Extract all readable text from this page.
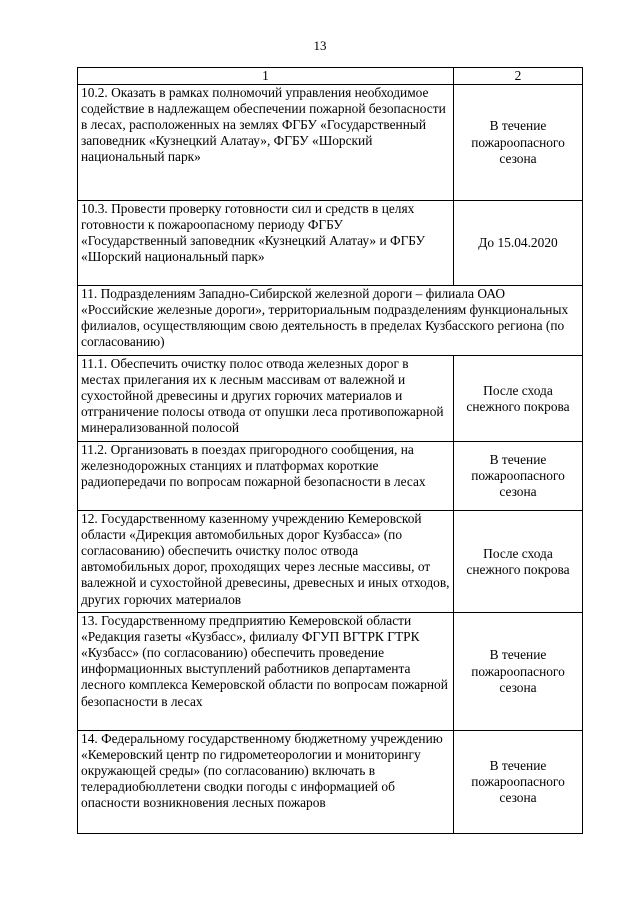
13
1	2
10.2. Оказать в рамках полномочий управления необходимое содействие в надлежащем обеспечении пожарной безопасности в лесах, расположенных на землях ФГБУ «Государственный заповедник «Кузнецкий Алатау», ФГБУ «Шорский национальный парк»	В течение пожароопасного сезона
10.3. Провести проверку готовности сил и средств в целях готовности к пожароопасному периоду ФГБУ «Государственный заповедник «Кузнецкий Алатау» и ФГБУ «Шорский национальный парк»	До 15.04.2020
11. Подразделениям Западно-Сибирской железной дороги – филиала ОАО «Российские железные дороги», территориальным подразделениям функциональных филиалов, осуществляющим свою деятельность в пределах Кузбасского региона (по согласованию)	
11.1. Обеспечить очистку полос отвода железных дорог в местах прилегания их к лесным массивам от валежной и сухостойной древесины и других горючих материалов и отграничение полосы отвода от опушки леса противопожарной минерализованной полосой	После схода снежного покрова
11.2. Организовать в поездах пригородного сообщения, на железнодорожных станциях и платформах короткие радиопередачи по вопросам пожарной безопасности в лесах	В течение пожароопасного сезона
12. Государственному казенному учреждению Кемеровской области «Дирекция автомобильных дорог Кузбасса» (по согласованию) обеспечить очистку полос отвода автомобильных дорог, проходящих через лесные массивы, от валежной и сухостойной древесины, древесных и иных отходов, других горючих материалов	После схода снежного покрова
13. Государственному предприятию Кемеровской области «Редакция газеты «Кузбасс», филиалу ФГУП ВГТРК ГТРК «Кузбасс» (по согласованию) обеспечить проведение информационных выступлений работников департамента лесного комплекса Кемеровской области по вопросам пожарной безопасности в лесах	В течение пожароопасного сезона
14. Федеральному государственному бюджетному учреждению «Кемеровский центр по гидрометеорологии и мониторингу окружающей среды» (по согласованию) включать в телерадиобюллетени сводки погоды с информацией об опасности возникновения лесных пожаров	В течение пожароопасного сезона
